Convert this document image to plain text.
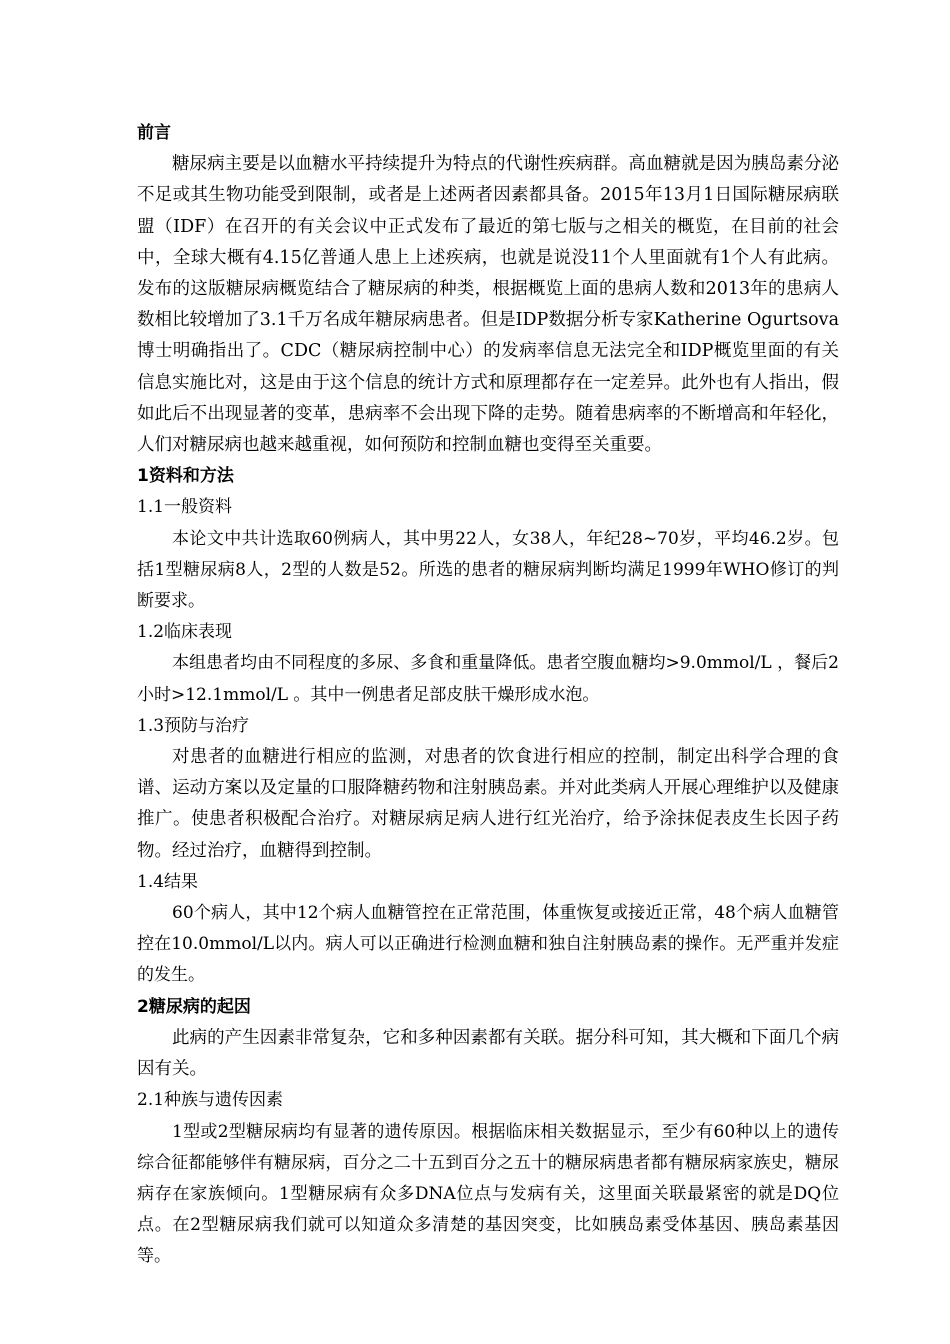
前言

糖尿病主要是以血糖水平持续提升为特点的代谢性疾病群。高血糖就是因为胰岛素分泌不足或其生物功能受到限制，或者是上述两者因素都具备。2015年13月1日国际糖尿病联盟（IDF）在召开的有关会议中正式发布了最近的第七版与之相关的概览，在目前的社会中，全球大概有4.15亿普通人患上上述疾病，也就是说没11个人里面就有1个人有此病。发布的这版糖尿病概览结合了糖尿病的种类，根据概览上面的患病人数和2013年的患病人数相比较增加了3.1千万名成年糖尿病患者。但是IDP数据分析专家Katherine Ogurtsova博士明确指出了。CDC（糖尿病控制中心）的发病率信息无法完全和IDP概览里面的有关信息实施比对，这是由于这个信息的统计方式和原理都存在一定差异。此外也有人指出，假如此后不出现显著的变革，患病率不会出现下降的走势。随着患病率的不断增高和年轻化，人们对糖尿病也越来越重视，如何预防和控制血糖也变得至关重要。

1资料和方法

1.1一般资料

本论文中共计选取60例病人，其中男22人，女38人，年纪28~70岁，平均46.2岁。包括1型糖尿病8人，2型的人数是52。所选的患者的糖尿病判断均满足1999年WHO修订的判断要求。

1.2临床表现

本组患者均由不同程度的多尿、多食和重量降低。患者空腹血糖均>9.0mmol/L ，餐后2小时>12.1mmol/L 。其中一例患者足部皮肤干燥形成水泡。

1.3预防与治疗

对患者的血糖进行相应的监测，对患者的饮食进行相应的控制，制定出科学合理的食谱、运动方案以及定量的口服降糖药物和注射胰岛素。并对此类病人开展心理维护以及健康推广。使患者积极配合治疗。对糖尿病足病人进行红光治疗，给予涂抹促表皮生长因子药物。经过治疗，血糖得到控制。

1.4结果

60个病人，其中12个病人血糖管控在正常范围，体重恢复或接近正常，48个病人血糖管控在10.0mmol/L以内。病人可以正确进行检测血糖和独自注射胰岛素的操作。无严重并发症的发生。

2糖尿病的起因

此病的产生因素非常复杂，它和多种因素都有关联。据分科可知，其大概和下面几个病因有关。

2.1种族与遗传因素

1型或2型糖尿病均有显著的遗传原因。根据临床相关数据显示，至少有60种以上的遗传综合征都能够伴有糖尿病，百分之二十五到百分之五十的糖尿病患者都有糖尿病家族史，糖尿病存在家族倾向。1型糖尿病有众多DNA位点与发病有关，这里面关联最紧密的就是DQ位点。在2型糖尿病我们就可以知道众多清楚的基因突变，比如胰岛素受体基因、胰岛素基因等。
